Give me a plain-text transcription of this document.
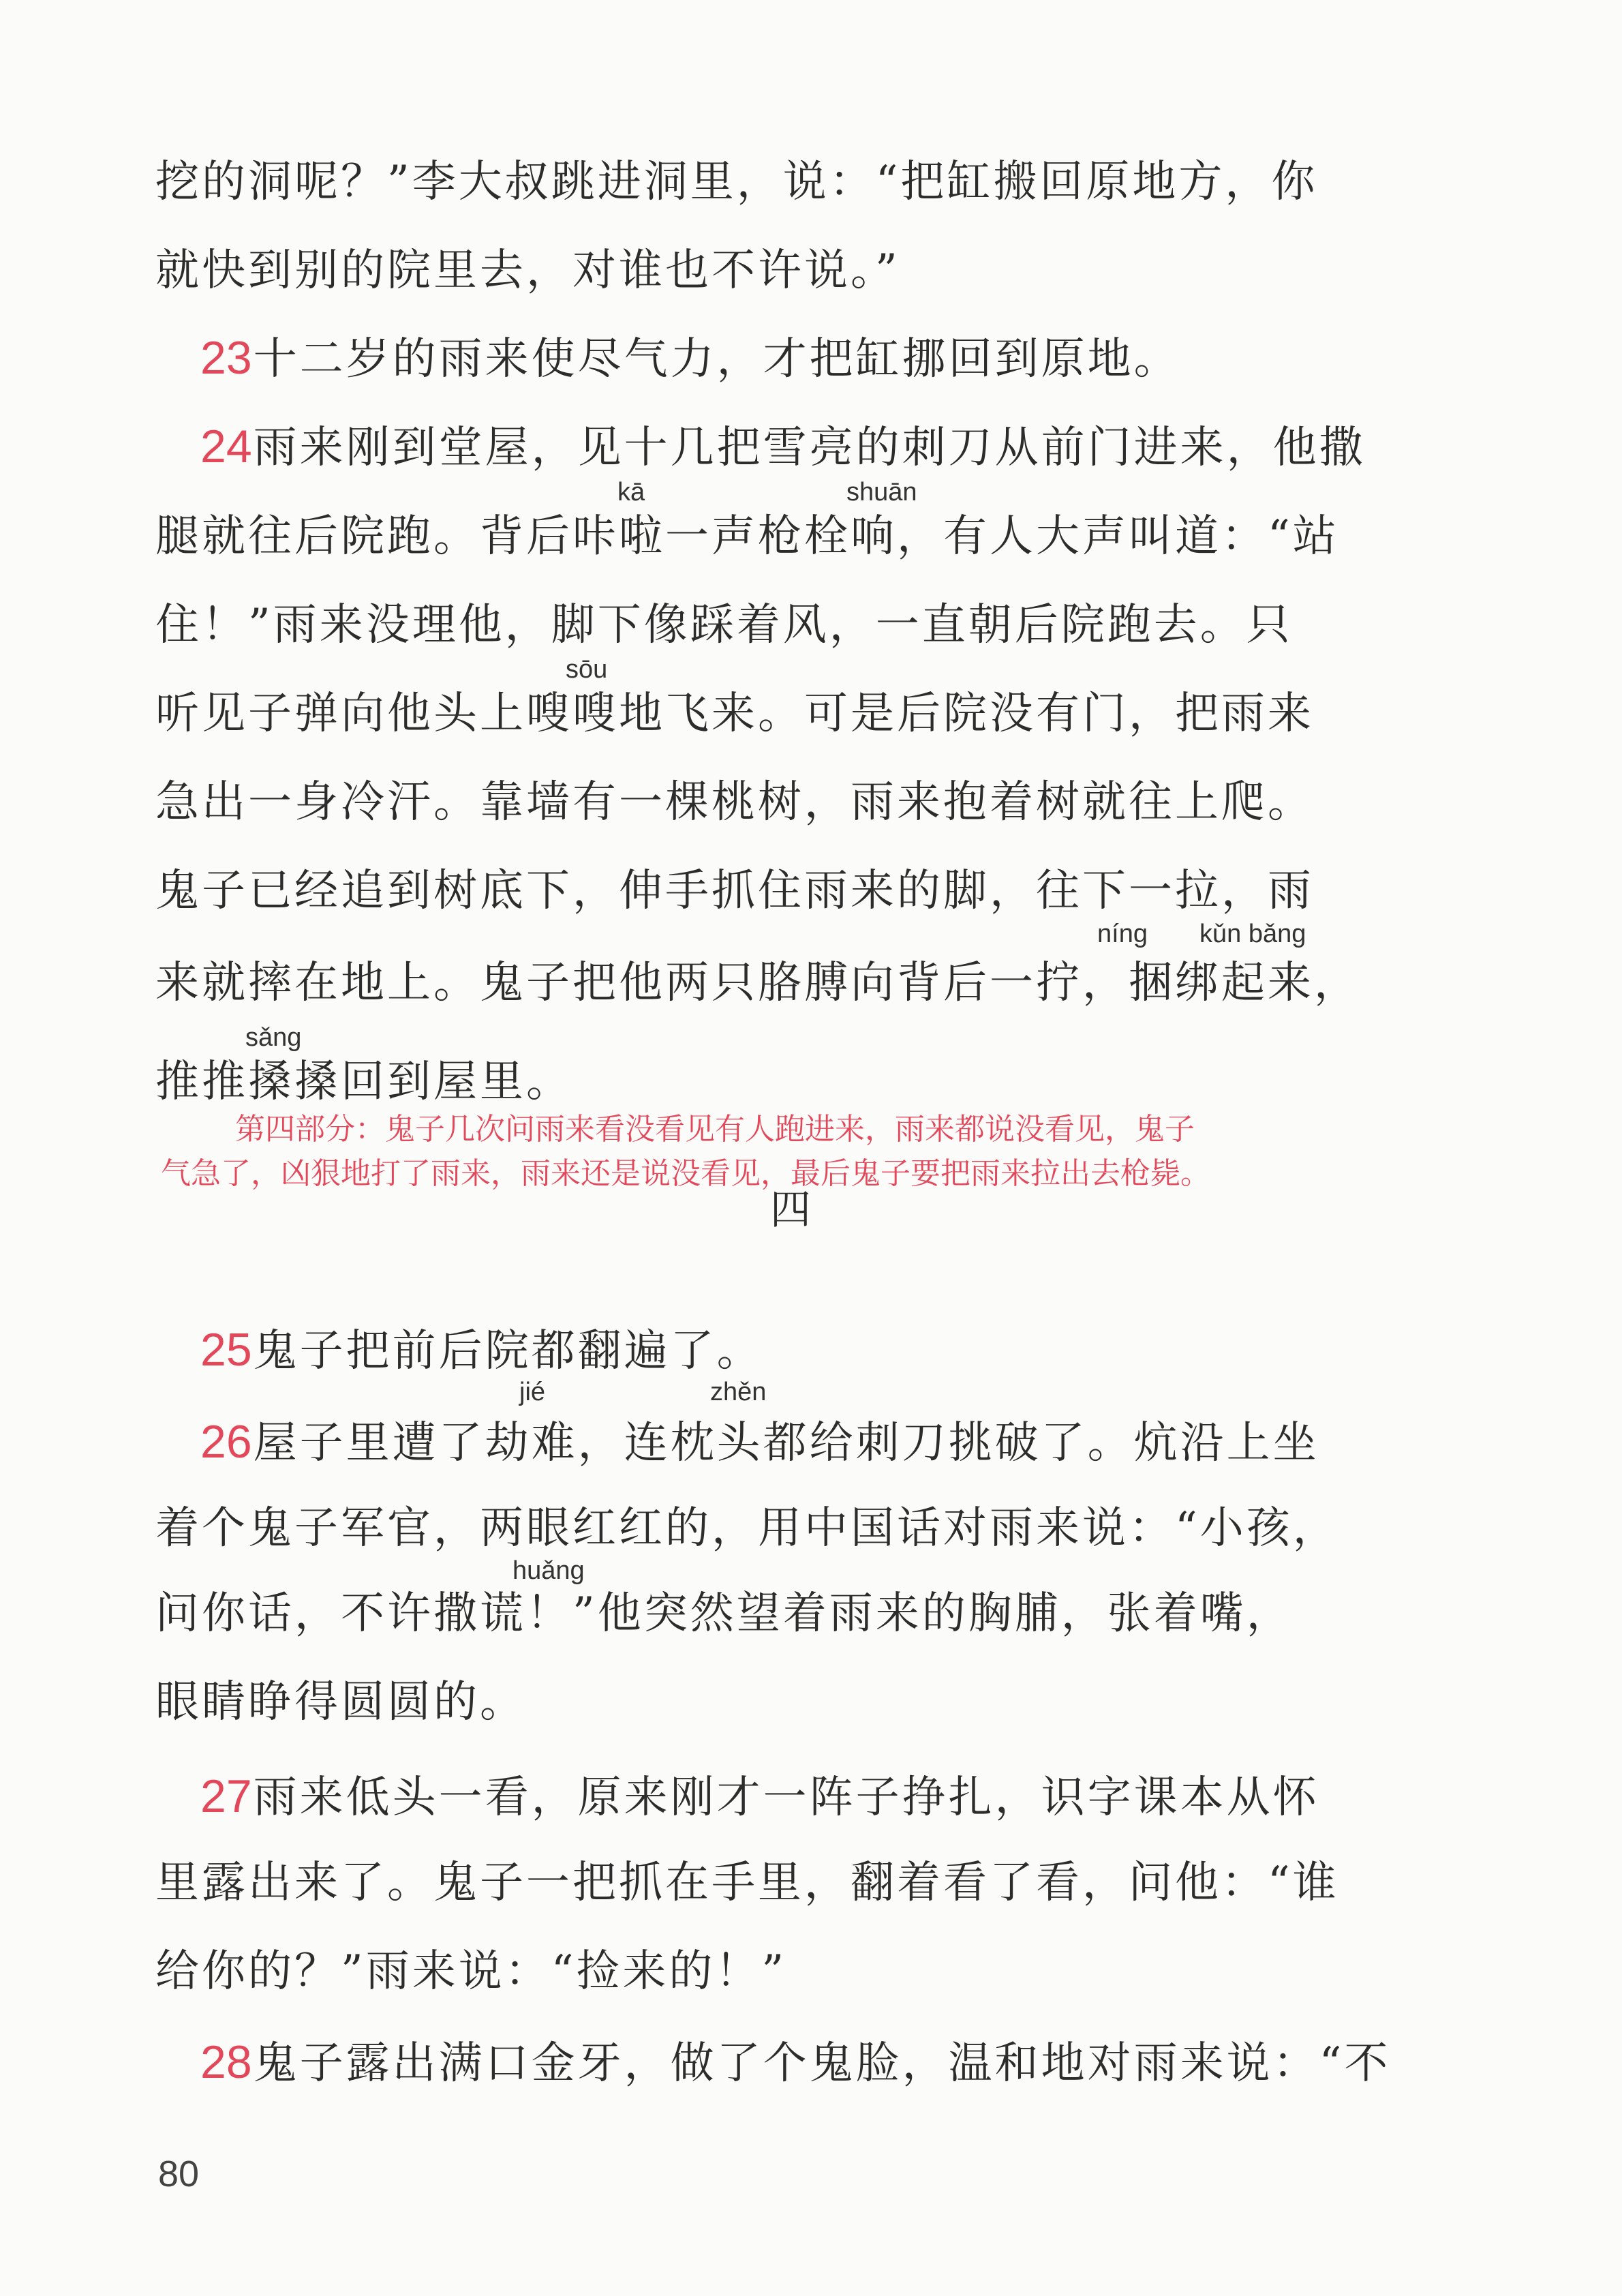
挖的洞呢？”李大叔跳进洞里，说：“把缸搬回原地方，你
就快到别的院里去，对谁也不许说。”
23十二岁的雨来使尽气力，才把缸挪回到原地。
24雨来刚到堂屋，见十几把雪亮的刺刀从前门进来，他撒
腿就往后院跑。背后咔啦一声枪栓响，有人大声叫道：“站
住！”雨来没理他，脚下像踩着风，一直朝后院跑去。只
听见子弹向他头上嗖嗖地飞来。可是后院没有门，把雨来
急出一身冷汗。靠墙有一棵桃树，雨来抱着树就往上爬。
鬼子已经追到树底下，伸手抓住雨来的脚，往下一拉，雨
来就摔在地上。鬼子把他两只胳膊向背后一拧，捆绑起来，
推推搡搡回到屋里。
kā	shuān
sōu
níng kǔn bǎng
sǎng
第四部分：鬼子几次问雨来看没看见有人跑进来，雨来都说没看见，鬼子
气急了，凶狠地打了雨来，雨来还是说没看见，最后鬼子要把雨来拉出去枪毙。
四
25鬼子把前后院都翻遍了。
26屋子里遭了劫难，连枕头都给刺刀挑破了。炕沿上坐
着个鬼子军官，两眼红红的，用中国话对雨来说：“小孩，
问你话，不许撒谎！”他突然望着雨来的胸脯，张着嘴，
眼睛睁得圆圆的。
27雨来低头一看，原来刚才一阵子挣扎，识字课本从怀
里露出来了。鬼子一把抓在手里，翻着看了看，问他：“谁
给你的？”雨来说：“捡来的！”
28鬼子露出满口金牙，做了个鬼脸，温和地对雨来说：“不
jié	zhěn
huǎng
80
